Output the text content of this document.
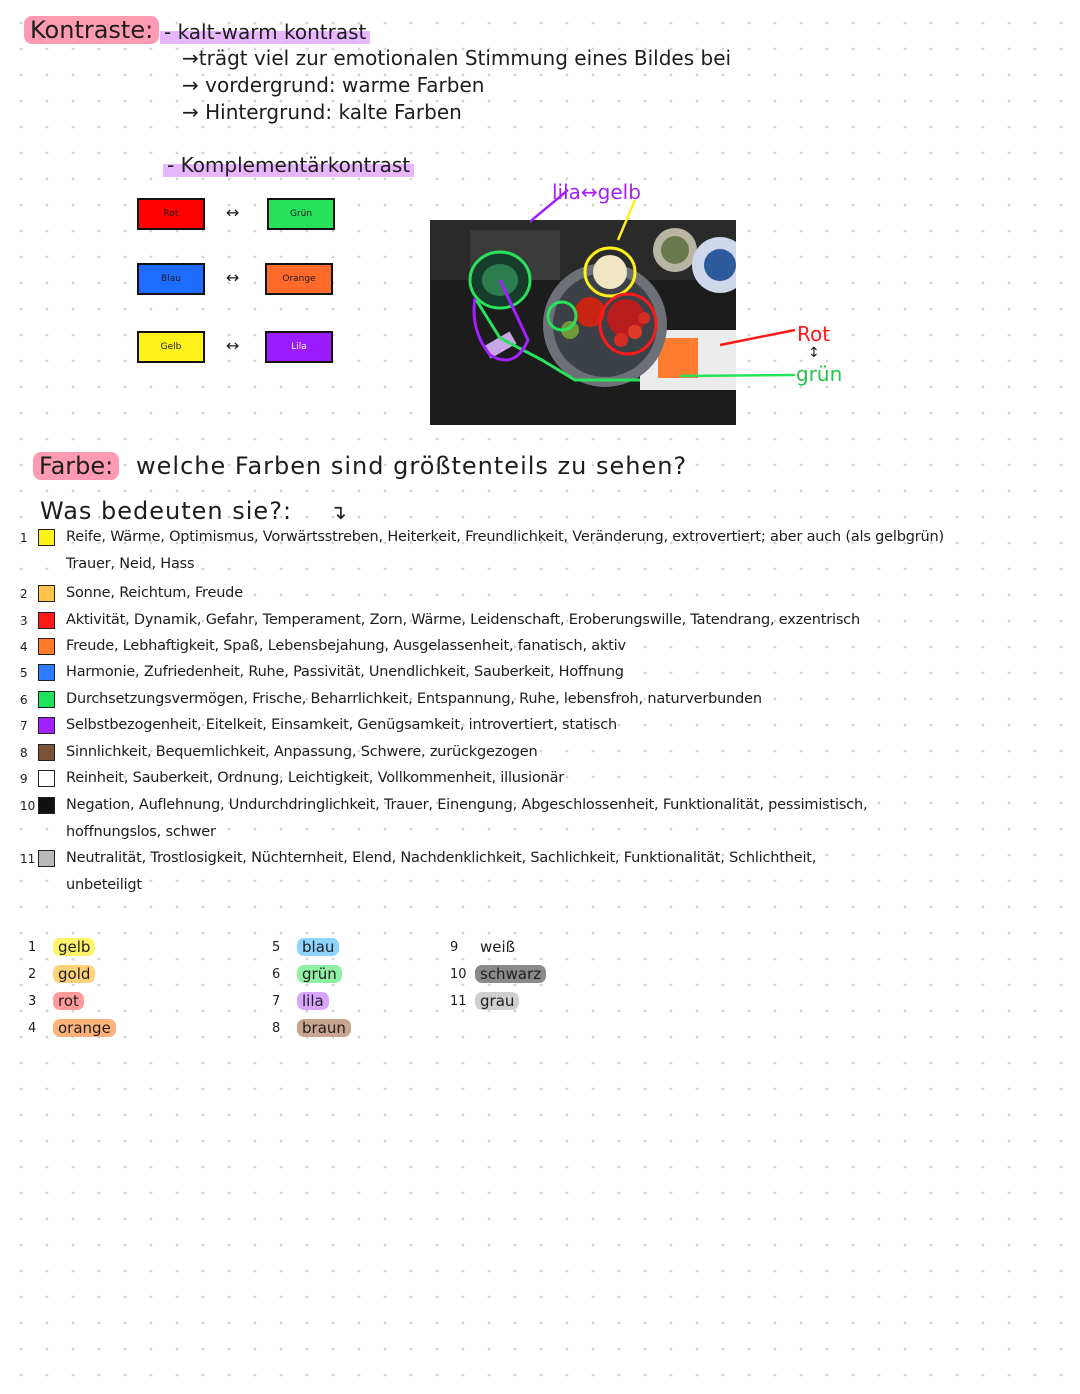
Kontraste: - kalt-warm kontrast
→trägt viel zur emotionalen Stimmung eines Bildes bei
→ vordergrund: warme Farben
→ Hintergrund: kalte Farben
- Komplementärkontrast
Rot	↔	Grün
Blau	↔	Orange
Gelb	↔	Lila
lila↔gelb
Rot
↕
grün
Farbe: welche Farben sind größtenteils zu sehen?
Was bedeuten sie?: ↴
1	Reife, Wärme, Optimismus, Vorwärtsstreben, Heiterkeit, Freundlichkeit, Veränderung, extrovertiert; aber auch (als gelbgrün)
Trauer, Neid, Hass
2	Sonne, Reichtum, Freude
3	Aktivität, Dynamik, Gefahr, Temperament, Zorn, Wärme, Leidenschaft, Eroberungswille, Tatendrang, exzentrisch
4	Freude, Lebhaftigkeit, Spaß, Lebensbejahung, Ausgelassenheit, fanatisch, aktiv
5	Harmonie, Zufriedenheit, Ruhe, Passivität, Unendlichkeit, Sauberkeit, Hoffnung
6	Durchsetzungsvermögen, Frische, Beharrlichkeit, Entspannung, Ruhe, lebensfroh, naturverbunden
7	Selbstbezogenheit, Eitelkeit, Einsamkeit, Genügsamkeit, introvertiert, statisch
8	Sinnlichkeit, Bequemlichkeit, Anpassung, Schwere, zurückgezogen
9	Reinheit, Sauberkeit, Ordnung, Leichtigkeit, Vollkommenheit, illusionär
10 Negation, Auflehnung, Undurchdringlichkeit, Trauer, Einengung, Abgeschlossenheit, Funktionalität, pessimistisch,
hoffnungslos, schwer
11 Neutralität, Trostlosigkeit, Nüchternheit, Elend, Nachdenklichkeit, Sachlichkeit, Funktionalität, Schlichtheit,
unbeteiligt
1	gelb
2	gold
3	rot
4	orange
5	blau
6	grün
7	lila
8	braun
9	weiß
10 schwarz
11 grau
